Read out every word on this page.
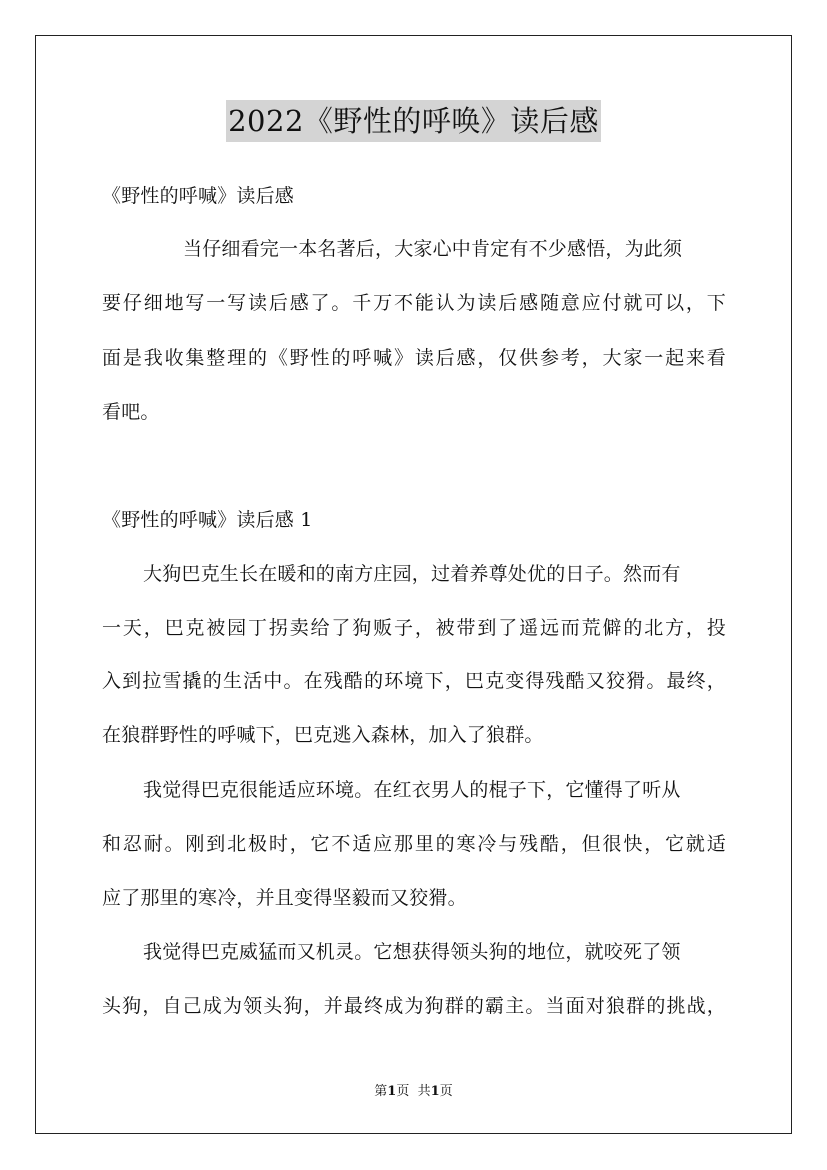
2022《野性的呼唤》读后感
《野性的呼喊》读后感
当仔细看完一本名著后，大家心中肯定有不少感悟，为此须
要仔细地写一写读后感了。千万不能认为读后感随意应付就可以，下
面是我收集整理的《野性的呼喊》读后感，仅供参考，大家一起来看
看吧。
《野性的呼喊》读后感 1
大狗巴克生长在暖和的南方庄园，过着养尊处优的日子。然而有
一天，巴克被园丁拐卖给了狗贩子，被带到了遥远而荒僻的北方，投
入到拉雪撬的生活中。在残酷的环境下，巴克变得残酷又狡猾。最终，
在狼群野性的呼喊下，巴克逃入森林，加入了狼群。
我觉得巴克很能适应环境。在红衣男人的棍子下，它懂得了听从
和忍耐。刚到北极时，它不适应那里的寒冷与残酷，但很快，它就适
应了那里的寒冷，并且变得坚毅而又狡猾。
我觉得巴克威猛而又机灵。它想获得领头狗的地位，就咬死了领
头狗，自己成为领头狗，并最终成为狗群的霸主。当面对狼群的挑战，
第1页 共1页
